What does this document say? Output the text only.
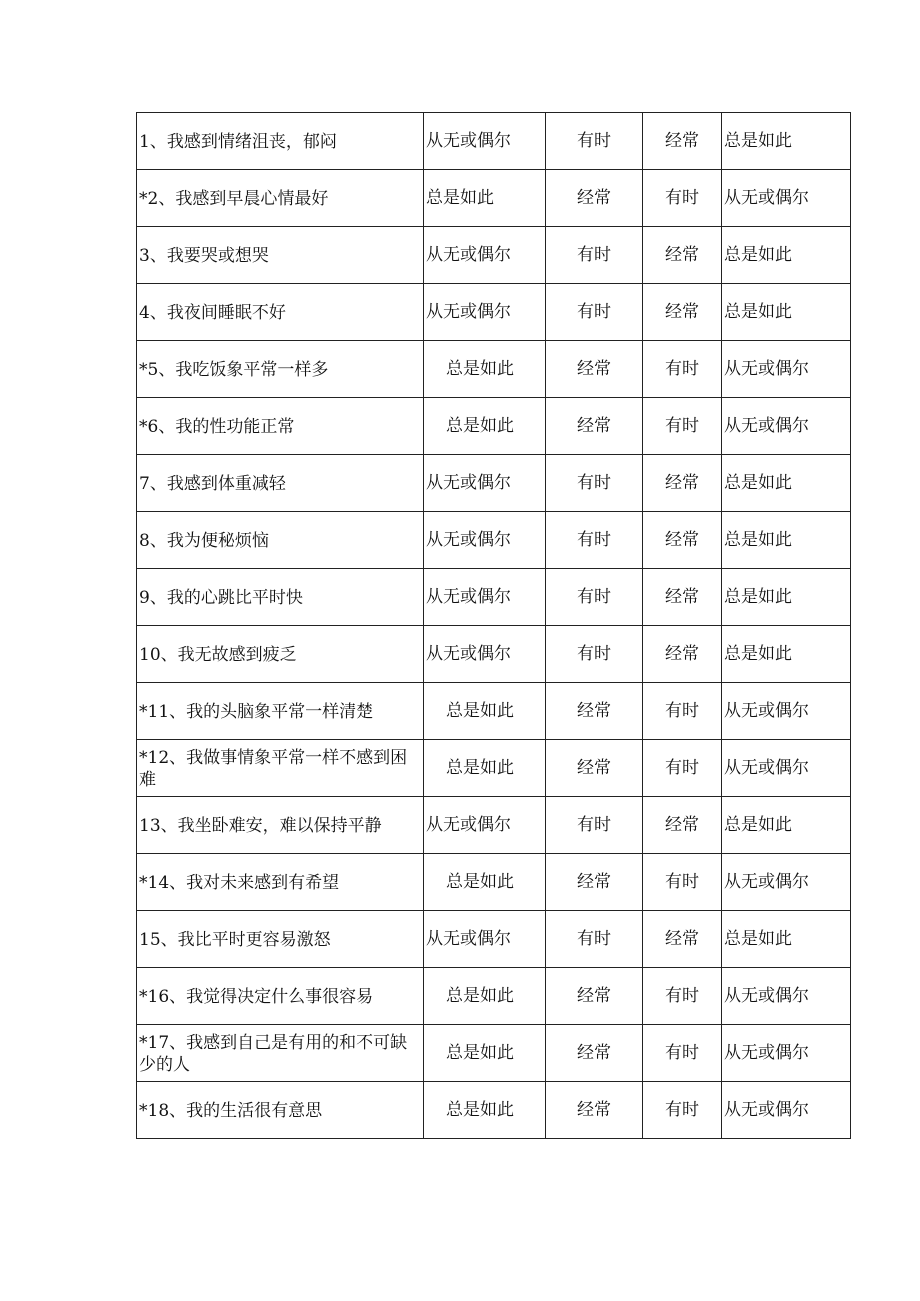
1、我感到情绪沮丧，郁闷	从无或偶尔	有时	经常	总是如此
*2、我感到早晨心情最好	总是如此	经常	有时	从无或偶尔
3、我要哭或想哭	从无或偶尔	有时	经常	总是如此
4、我夜间睡眠不好	从无或偶尔	有时	经常	总是如此
*5、我吃饭象平常一样多	总是如此	经常	有时	从无或偶尔
*6、我的性功能正常	总是如此	经常	有时	从无或偶尔
7、我感到体重减轻	从无或偶尔	有时	经常	总是如此
8、我为便秘烦恼	从无或偶尔	有时	经常	总是如此
9、我的心跳比平时快	从无或偶尔	有时	经常	总是如此
10、我无故感到疲乏	从无或偶尔	有时	经常	总是如此
*11、我的头脑象平常一样清楚	总是如此	经常	有时	从无或偶尔
*12、我做事情象平常一样不感到困难	总是如此	经常	有时	从无或偶尔
13、我坐卧难安，难以保持平静	从无或偶尔	有时	经常	总是如此
*14、我对未来感到有希望	总是如此	经常	有时	从无或偶尔
15、我比平时更容易激怒	从无或偶尔	有时	经常	总是如此
*16、我觉得决定什么事很容易	总是如此	经常	有时	从无或偶尔
*17、我感到自己是有用的和不可缺少的人	总是如此	经常	有时	从无或偶尔
*18、我的生活很有意思	总是如此	经常	有时	从无或偶尔
